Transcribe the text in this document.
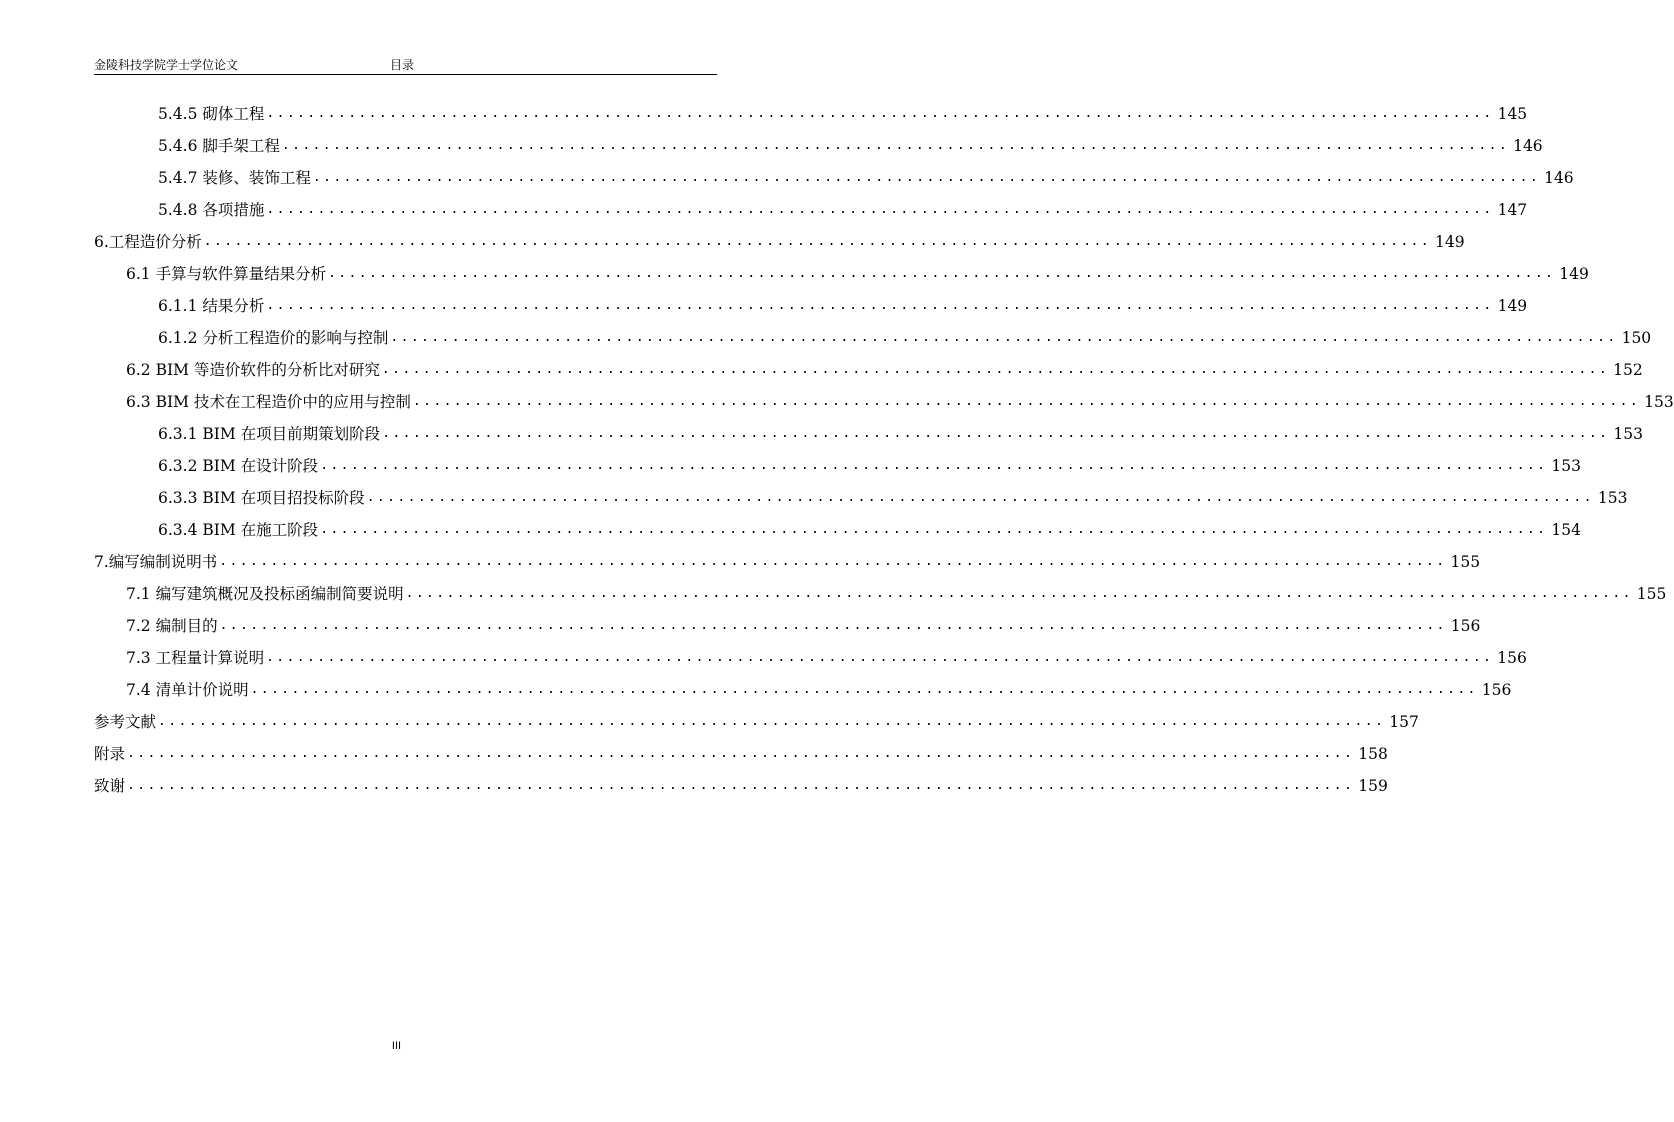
金陵科技学院学士学位论文	目录
5.4.5 砌体工程 ........................................................................................................................ 145
5.4.6 脚手架工程 ........................................................................................................................ 146
5.4.7 装修、装饰工程 ........................................................................................................................ 146
5.4.8 各项措施 ........................................................................................................................ 147
6.工程造价分析 ........................................................................................................................ 149
6.1 手算与软件算量结果分析 ........................................................................................................................ 149
6.1.1 结果分析 ........................................................................................................................ 149
6.1.2 分析工程造价的影响与控制 ........................................................................................................................ 150
6.2 BIM 等造价软件的分析比对研究 ........................................................................................................................ 152
6.3 BIM 技术在工程造价中的应用与控制 ........................................................................................................................ 153
6.3.1 BIM 在项目前期策划阶段 ........................................................................................................................ 153
6.3.2 BIM 在设计阶段 ........................................................................................................................ 153
6.3.3 BIM 在项目招投标阶段 ........................................................................................................................ 153
6.3.4 BIM 在施工阶段 ........................................................................................................................ 154
7.编写编制说明书 ........................................................................................................................ 155
7.1 编写建筑概况及投标函编制简要说明 ........................................................................................................................ 155
7.2 编制目的 ........................................................................................................................ 156
7.3 工程量计算说明 ........................................................................................................................ 156
7.4 清单计价说明 ........................................................................................................................ 156
参考文献 ........................................................................................................................ 157
附录 ........................................................................................................................ 158
致谢 ........................................................................................................................ 159
III
